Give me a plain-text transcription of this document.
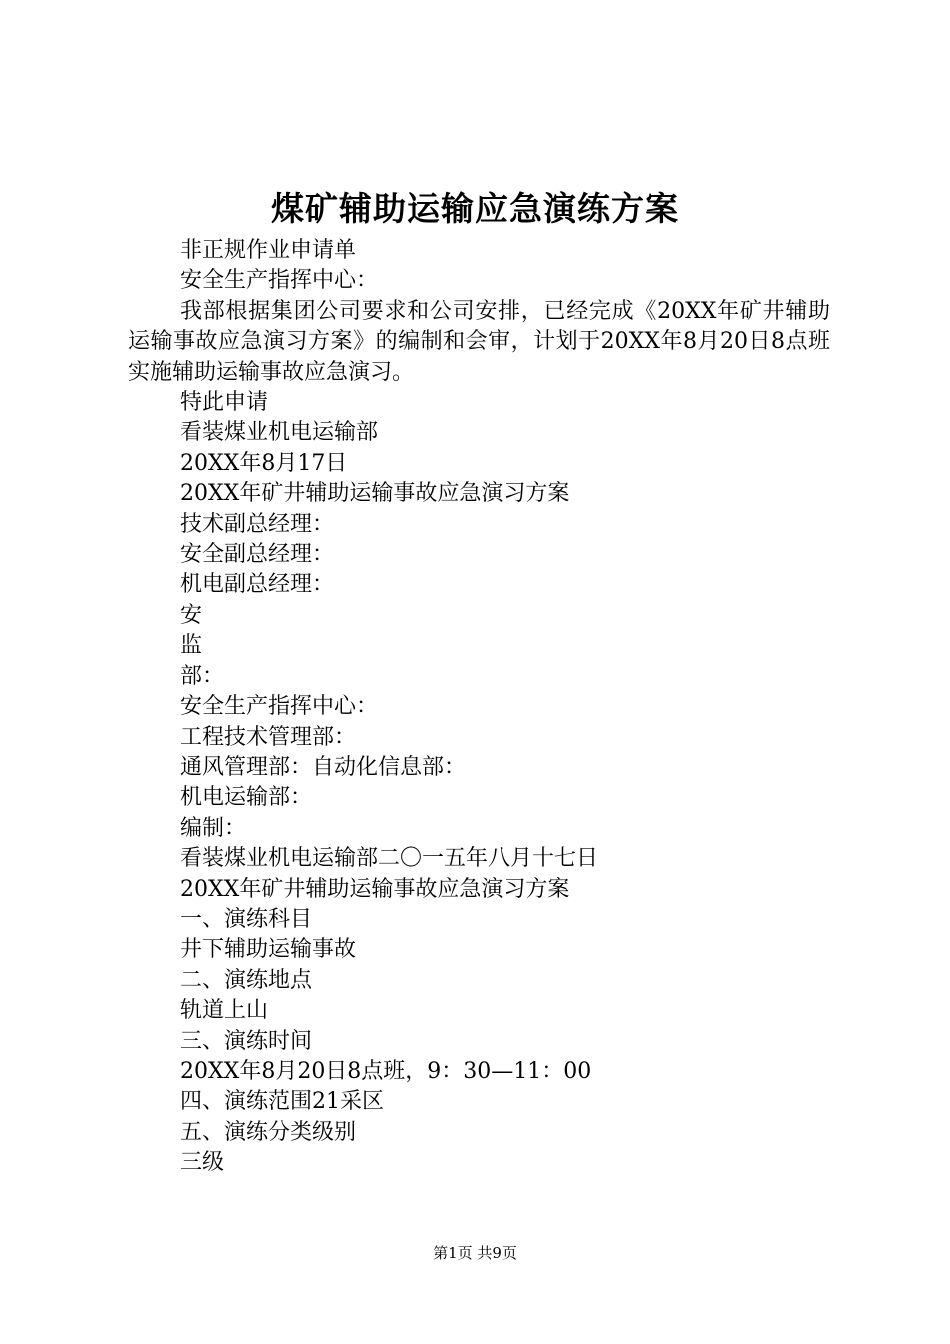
煤矿辅助运输应急演练方案
非正规作业申请单
安全生产指挥中心：
我部根据集团公司要求和公司安排，已经完成《20XX年矿井辅助运输事故应急演习方案》的编制和会审，计划于20XX年8月20日8点班实施辅助运输事故应急演习。
特此申请
看装煤业机电运输部
20XX年8月17日
20XX年矿井辅助运输事故应急演习方案
技术副总经理：
安全副总经理：
机电副总经理：
安
监
部：
安全生产指挥中心：
工程技术管理部：
通风管理部：自动化信息部：
机电运输部：
编制：
看装煤业机电运输部二〇一五年八月十七日
20XX年矿井辅助运输事故应急演习方案
一、演练科目
井下辅助运输事故
二、演练地点
轨道上山
三、演练时间
20XX年8月20日8点班，9：30—11：00
四、演练范围21采区
五、演练分类级别
三级
第1页 共9页
